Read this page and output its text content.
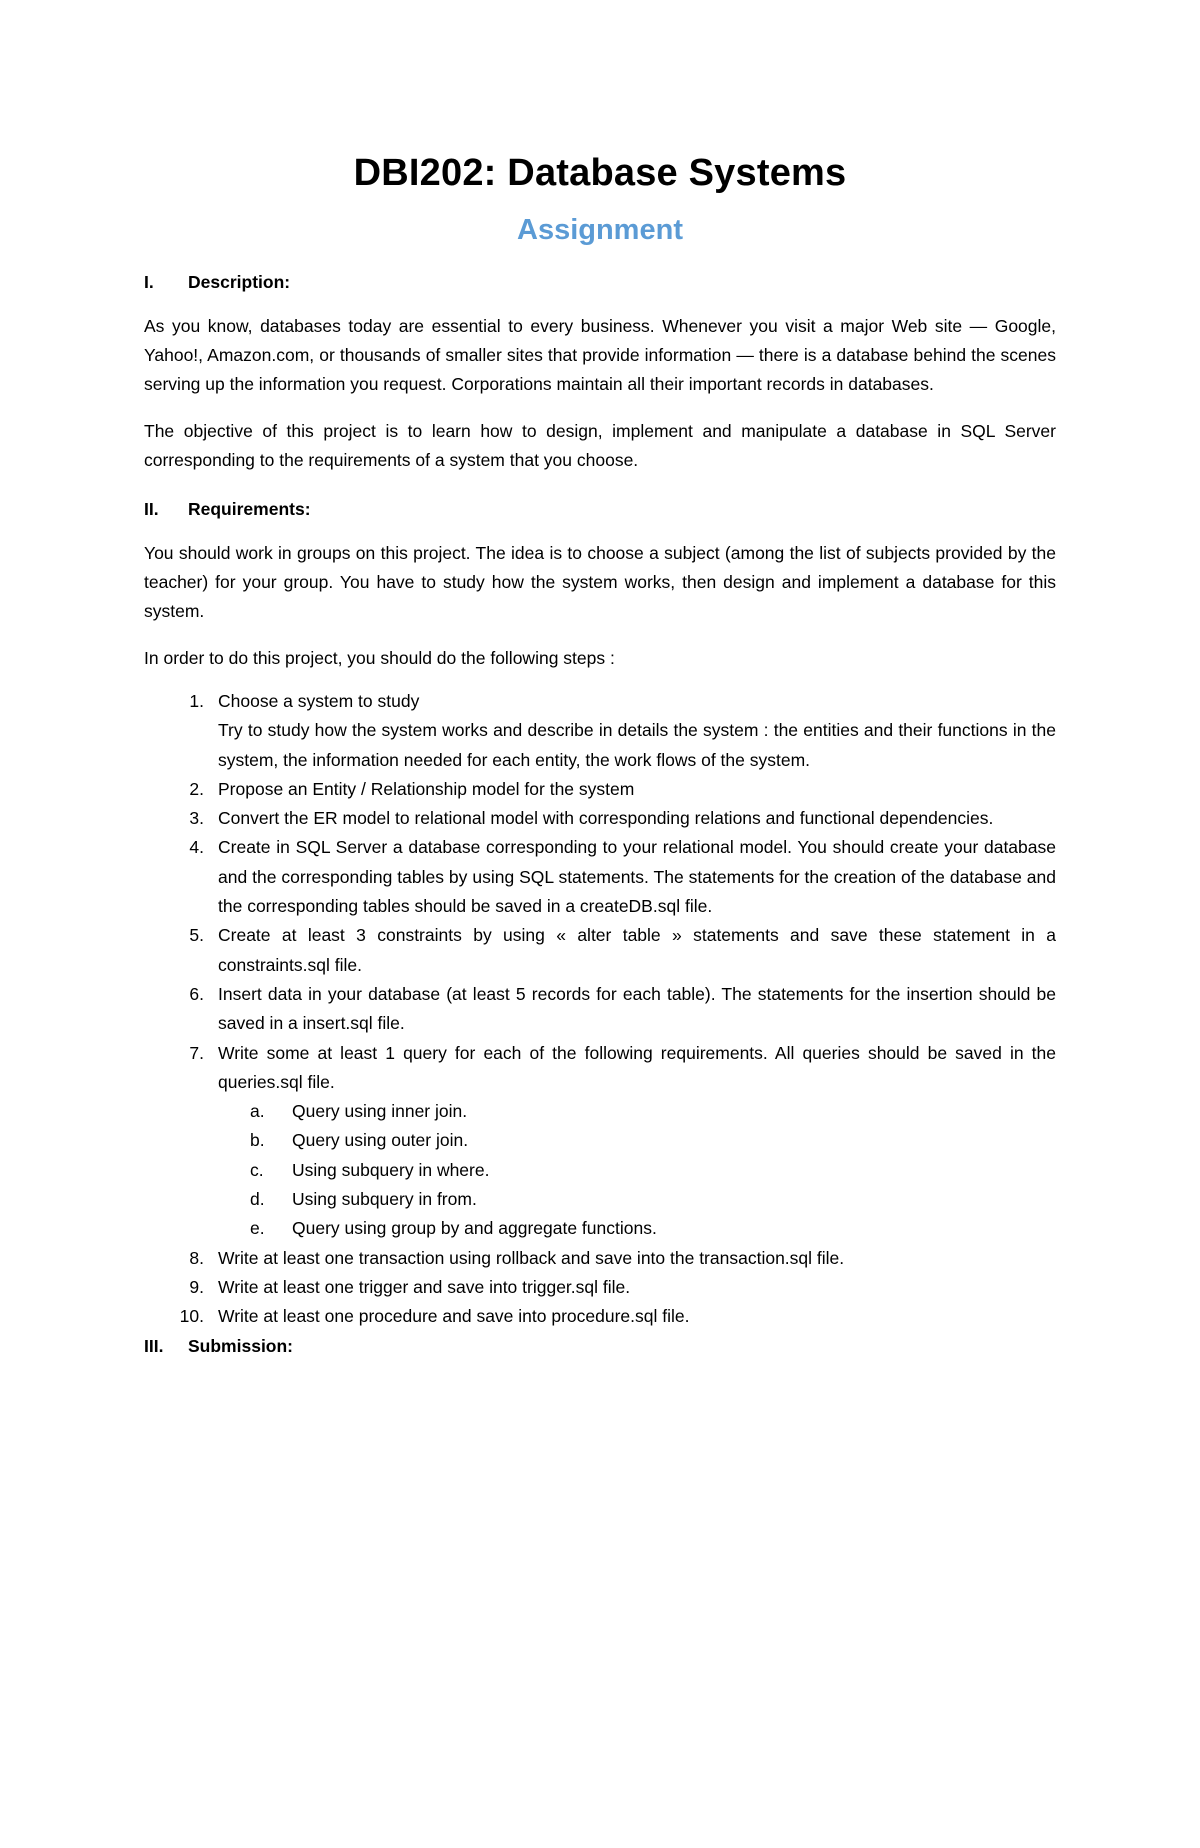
DBI202: Database Systems
Assignment
I.	Description:

As you know, databases today are essential to every business. Whenever you visit a major Web site — Google, Yahoo!, Amazon.com, or thousands of smaller sites that provide information — there is a database behind the scenes serving up the information you request. Corporations maintain all their important records in databases.

The objective of this project is to learn how to design, implement and manipulate a database in SQL Server corresponding to the requirements of a system that you choose.

II.	Requirements:

You should work in groups on this project. The idea is to choose a subject (among the list of subjects provided by the teacher) for your group. You have to study how the system works, then design and implement a database for this system.

In order to do this project, you should do the following steps :

1. Choose a system to study
Try to study how the system works and describe in details the system : the entities and their functions in the system, the information needed for each entity, the work flows of the system.
2. Propose an Entity / Relationship model for the system
3. Convert the ER model to relational model with corresponding relations and functional dependencies.
4. Create in SQL Server a database corresponding to your relational model. You should create your database and the corresponding tables by using SQL statements. The statements for the creation of the database and the corresponding tables should be saved in a createDB.sql file.
5. Create at least 3 constraints by using « alter table » statements and save these statement in a constraints.sql file.
6. Insert data in your database (at least 5 records for each table). The statements for the insertion should be saved in a insert.sql file.
7. Write some at least 1 query for each of the following requirements. All queries should be saved in the queries.sql file.
a.	Query using inner join.
b.	Query using outer join.
c.	Using subquery in where.
d.	Using subquery in from.
e.	Query using group by and aggregate functions.
8. Write at least one transaction using rollback and save into the transaction.sql file.
9. Write at least one trigger and save into trigger.sql file.
10. Write at least one procedure and save into procedure.sql file.
III.	Submission:
